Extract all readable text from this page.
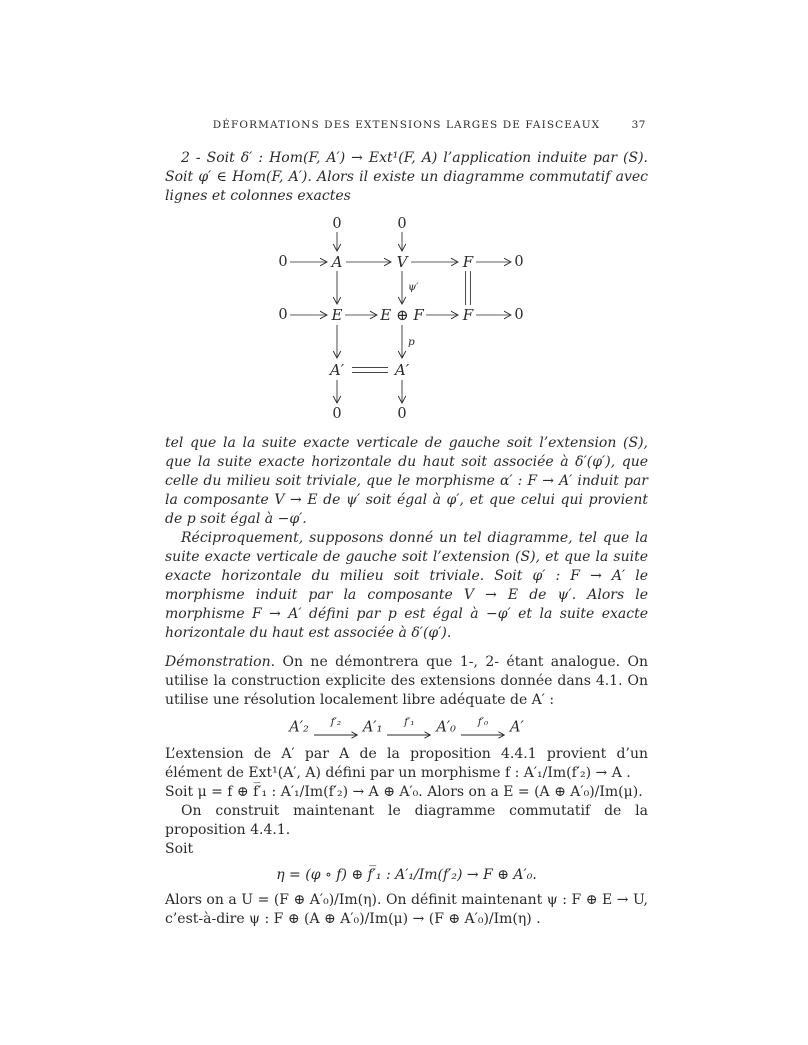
DÉFORMATIONS DES EXTENSIONS LARGES DE FAISCEAUX	37

2 - Soit δ′ : Hom(F, A′) → Ext¹(F, A) l’application induite par (S). Soit φ′ ∈ Hom(F, A′). Alors il existe un diagramme commutatif avec lignes et colonnes exactes

0	0
0	A	V	F	0
0	E	E ⊕ F	F	0
A′	A′
0	0
ψ′
p

tel que la la suite exacte verticale de gauche soit l’extension (S), que la suite exacte horizontale du haut soit associée à δ′(φ′), que celle du milieu soit triviale, que le morphisme α′ : F → A′ induit par la composante V → E de ψ′ soit égal à φ′, et que celui qui provient de p soit égal à −φ′.

Réciproquement, supposons donné un tel diagramme, tel que la suite exacte verticale de gauche soit l’extension (S), et que la suite exacte horizontale du milieu soit triviale. Soit φ′ : F → A′ le morphisme induit par la composante V → E de ψ′. Alors le morphisme F → A′ défini par p est égal à −φ′ et la suite exacte horizontale du haut est associée à δ′(φ′).

Démonstration. On ne démontrera que 1-, 2- étant analogue. On utilise la construction explicite des extensions donnée dans 4.1. On utilise une résolution localement libre adéquate de A′ :

A′₂ f′₂ A′₁ f′₁ A′₀ f′₀ A′

L’extension de A′ par A de la proposition 4.4.1 provient d’un élément de Ext¹(A′, A) défini par un morphisme f : A′₁/Im(f′₂) → A .

Soit μ = f ⊕ f̅′₁ : A′₁/Im(f′₂) → A ⊕ A′₀. Alors on a E = (A ⊕ A′₀)/Im(μ).

On construit maintenant le diagramme commutatif de la proposition 4.4.1.

Soit

η = (φ ∘ f) ⊕ f̅′₁ : A′₁/Im(f′₂) → F ⊕ A′₀.

Alors on a U = (F ⊕ A′₀)/Im(η). On définit maintenant ψ : F ⊕ E → U, c’est-à-dire ψ : F ⊕ (A ⊕ A′₀)/Im(μ) → (F ⊕ A′₀)/Im(η) .
